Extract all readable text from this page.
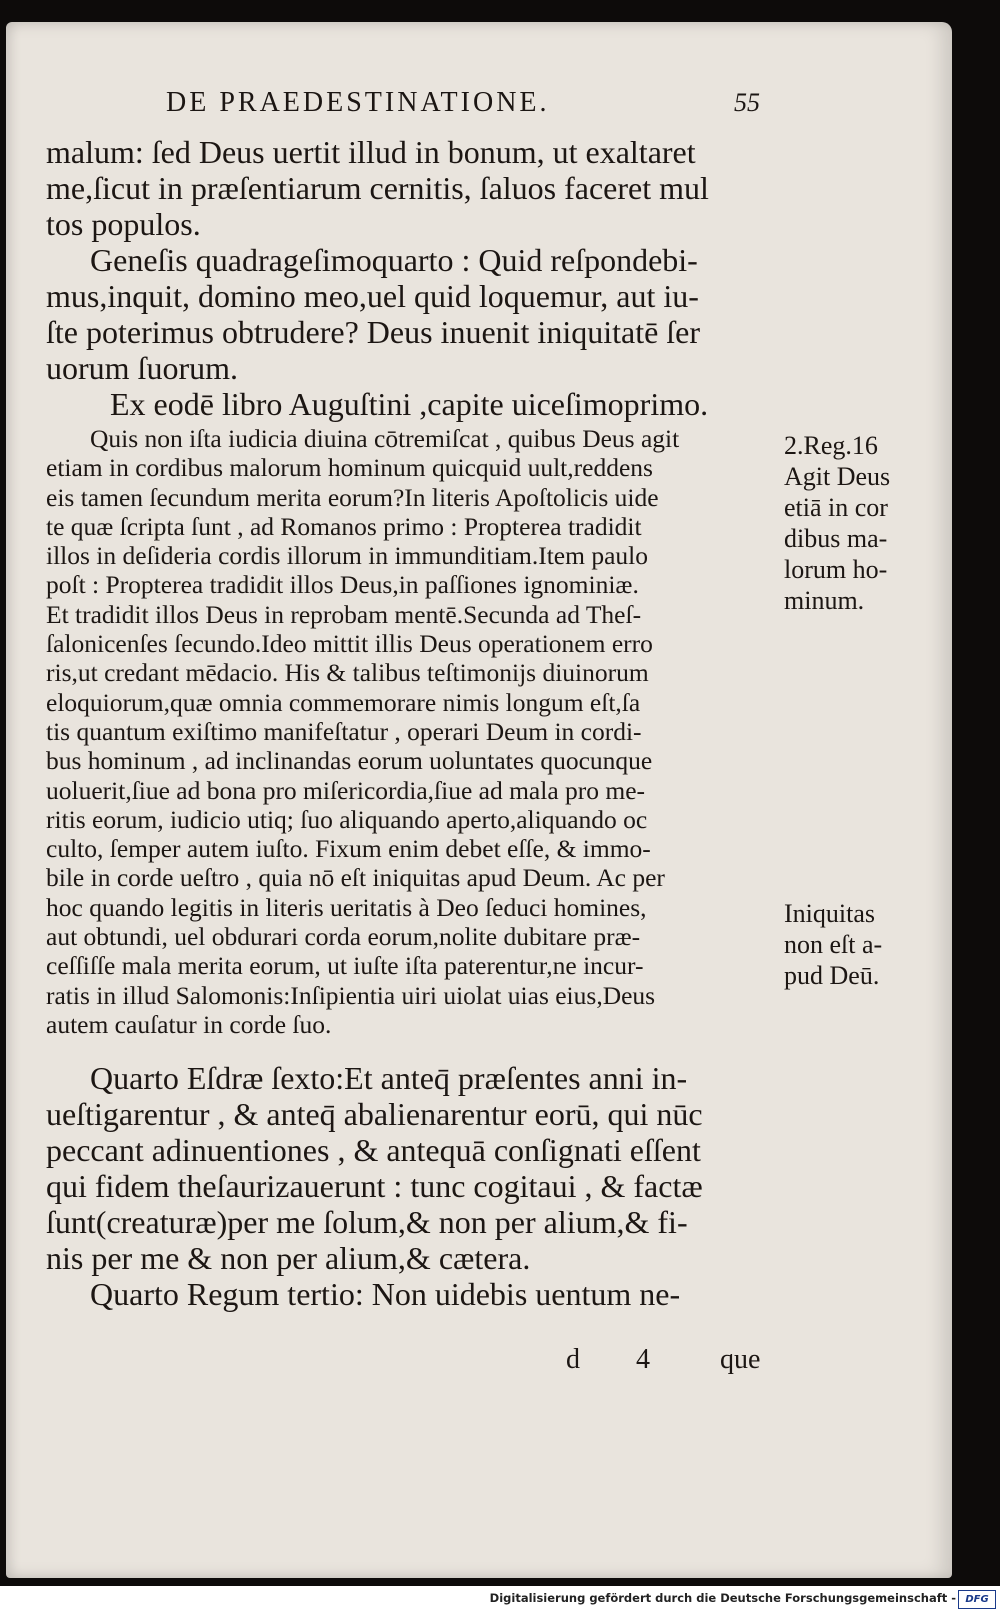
DE PRAEDESTINATIONE.	55
malum: ſed Deus uertit illud in bonum, ut exaltaret
me,ſicut in præſentiarum cernitis, ſaluos faceret mul
tos populos.
Geneſis quadrageſimoquarto : Quid reſpondebi-
mus,inquit, domino meo,uel quid loquemur, aut iu-
ſte poterimus obtrudere? Deus inuenit iniquitatē ſer
uorum ſuorum.
Ex eodē libro Auguſtini ,capite uiceſimoprimo.
Quis non iſta iudicia diuina cōtremiſcat , quibus Deus agit
etiam in cordibus malorum hominum quicquid uult,reddens
eis tamen ſecundum merita eorum?In literis Apoſtolicis uide
te quæ ſcripta ſunt , ad Romanos primo : Propterea tradidit
illos in deſideria cordis illorum in immunditiam.Item paulo
poſt : Propterea tradidit illos Deus,in paſſiones ignominiæ.
Et tradidit illos Deus in reprobam mentē.Secunda ad Theſ-
ſalonicenſes ſecundo.Ideo mittit illis Deus operationem erro
ris,ut credant mēdacio. His & talibus teſtimonijs diuinorum
eloquiorum,quæ omnia commemorare nimis longum eſt,ſa
tis quantum exiſtimo manifeſtatur , operari Deum in cordi-
bus hominum , ad inclinandas eorum uoluntates quocunque
uoluerit,ſiue ad bona pro miſericordia,ſiue ad mala pro me-
ritis eorum, iudicio utiq; ſuo aliquando aperto,aliquando oc
culto, ſemper autem iuſto. Fixum enim debet eſſe, & immo-
bile in corde ueſtro , quia nō eſt iniquitas apud Deum. Ac per
hoc quando legitis in literis ueritatis à Deo ſeduci homines,
aut obtundi, uel obdurari corda eorum,nolite dubitare præ-
ceſſiſſe mala merita eorum, ut iuſte iſta paterentur,ne incur-
ratis in illud Salomonis:Inſipientia uiri uiolat uias eius,Deus
autem cauſatur in corde ſuo.
Quarto Eſdræ ſexto:Et anteq̄ præſentes anni in-
ueſtigarentur , & anteq̄ abalienarentur eorū, qui nūc
peccant adinuentiones , & antequā conſignati eſſent
qui fidem theſaurizauerunt : tunc cogitaui , & factæ
ſunt(creaturæ)per me ſolum,& non per alium,& fi-
nis per me & non per alium,& cætera.
Quarto Regum tertio: Non uidebis uentum ne-
2.Reg.16
Agit Deus
etiā in cor
dibus ma-
lorum ho-
minum.
Iniquitas
non eſt a-
pud Deū.
d 4	que
Digitalisierung gefördert durch die Deutsche Forschungsgemeinschaft - DFG
